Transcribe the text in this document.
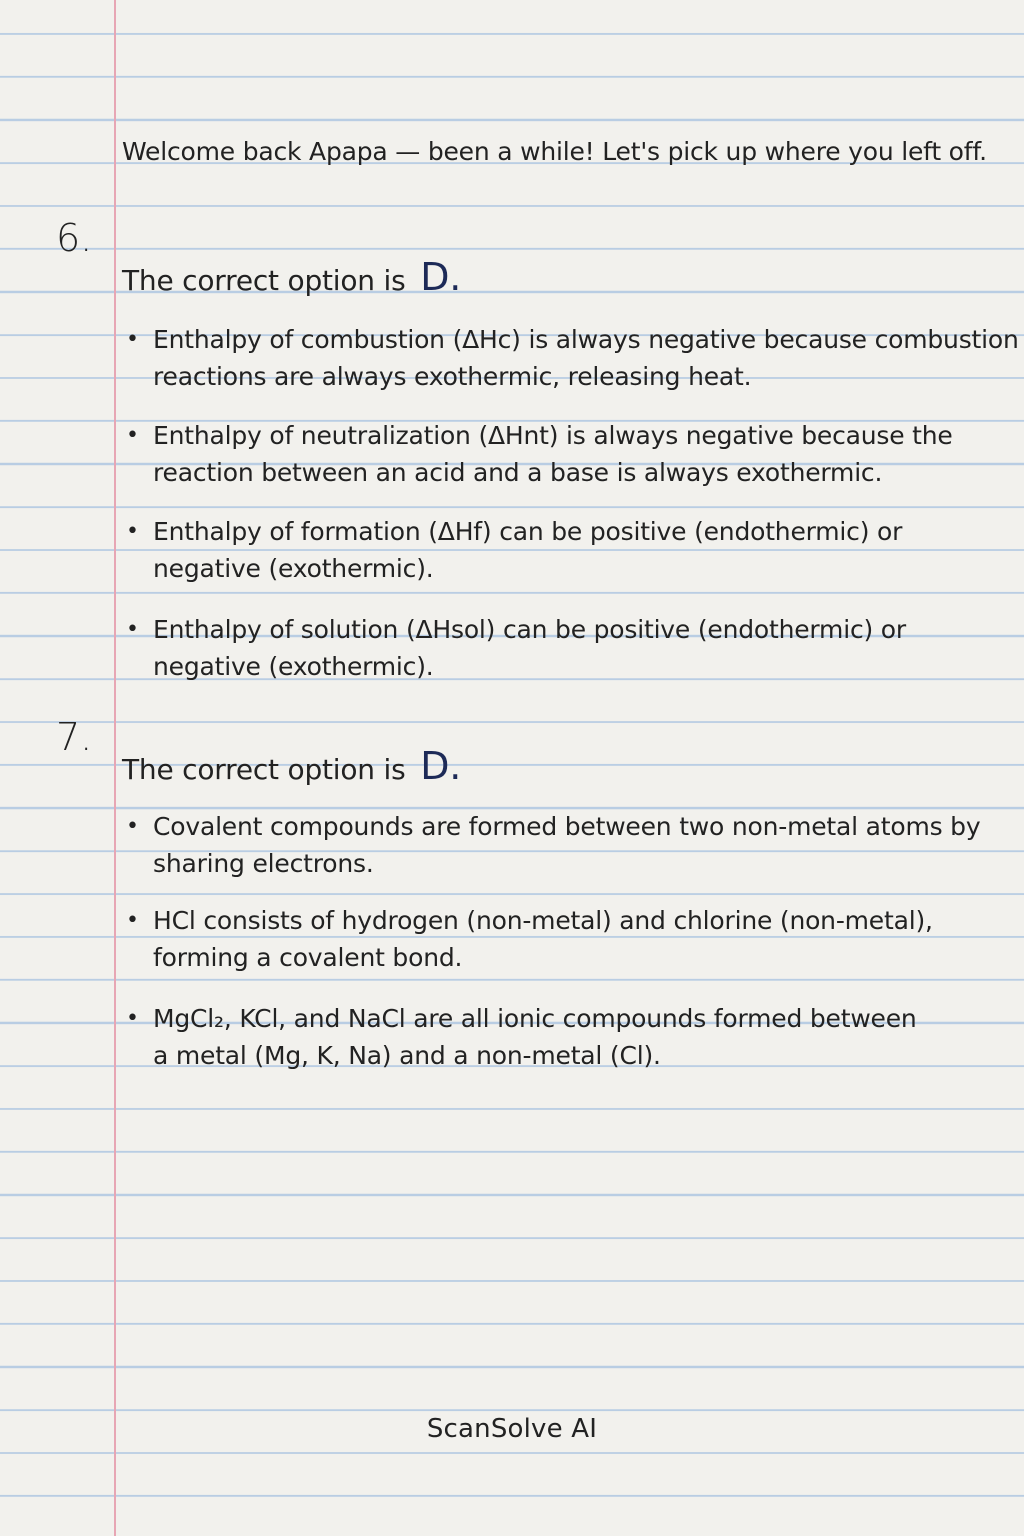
Welcome back Apapa — been a while! Let's pick up where you left off.
6.
The correct option is D.
• Enthalpy of combustion (ΔHc) is always negative because combustion
reactions are always exothermic, releasing heat.
• Enthalpy of neutralization (ΔHnt) is always negative because the
reaction between an acid and a base is always exothermic.
• Enthalpy of formation (ΔHf) can be positive (endothermic) or
negative (exothermic).
• Enthalpy of solution (ΔHsol) can be positive (endothermic) or
negative (exothermic).
7.
The correct option is D.
• Covalent compounds are formed between two non-metal atoms by
sharing electrons.
• HCl consists of hydrogen (non-metal) and chlorine (non-metal),
forming a covalent bond.
• MgCl₂, KCl, and NaCl are all ionic compounds formed between
a metal (Mg, K, Na) and a non-metal (Cl).
ScanSolve AI
